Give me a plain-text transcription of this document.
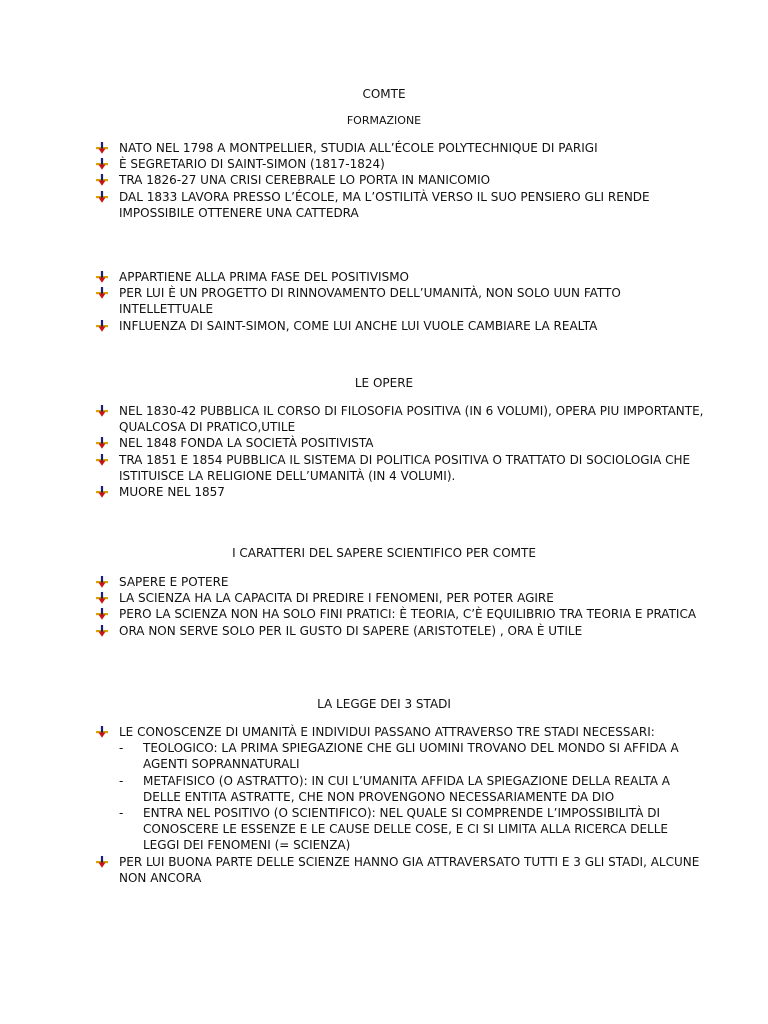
COMTE
FORMAZIONE
NATO NEL 1798 A MONTPELLIER, STUDIA ALL’ÉCOLE POLYTECHNIQUE DI PARIGI
È SEGRETARIO DI SAINT-SIMON (1817-1824)
TRA 1826-27 UNA CRISI CEREBRALE LO PORTA IN MANICOMIO
DAL 1833 LAVORA PRESSO L’ÉCOLE, MA L’OSTILITÀ VERSO IL SUO PENSIERO GLI RENDE IMPOSSIBILE OTTENERE UNA CATTEDRA
APPARTIENE ALLA PRIMA FASE DEL POSITIVISMO
PER LUI È UN PROGETTO DI RINNOVAMENTO DELL’UMANITÀ, NON SOLO UUN FATTO INTELLETTUALE
INFLUENZA DI SAINT-SIMON, COME LUI ANCHE LUI VUOLE CAMBIARE LA REALTA
LE OPERE
NEL 1830-42 PUBBLICA IL CORSO DI FILOSOFIA POSITIVA (IN 6 VOLUMI), OPERA PIU IMPORTANTE, QUALCOSA DI PRATICO,UTILE
NEL 1848 FONDA LA SOCIETÀ POSITIVISTA
TRA 1851 E 1854 PUBBLICA IL SISTEMA DI POLITICA POSITIVA O TRATTATO DI SOCIOLOGIA CHE ISTITUISCE LA RELIGIONE DELL’UMANITÀ (IN 4 VOLUMI).
MUORE NEL 1857
I CARATTERI DEL SAPERE SCIENTIFICO PER COMTE
SAPERE E POTERE
LA SCIENZA HA LA CAPACITA DI PREDIRE I FENOMENI, PER POTER AGIRE
PERO LA SCIENZA NON HA SOLO FINI PRATICI: È TEORIA, C’È EQUILIBRIO TRA TEORIA E PRATICA
ORA NON SERVE SOLO PER IL GUSTO DI SAPERE (ARISTOTELE) , ORA È UTILE
LA LEGGE DEI 3 STADI
LE CONOSCENZE DI UMANITÀ E INDIVIDUI PASSANO ATTRAVERSO TRE STADI NECESSARI:
- TEOLOGICO: LA PRIMA SPIEGAZIONE CHE GLI UOMINI TROVANO DEL MONDO SI AFFIDA A AGENTI SOPRANNATURALI
- METAFISICO (O ASTRATTO): IN CUI L’UMANITA AFFIDA LA SPIEGAZIONE DELLA REALTA A DELLE ENTITA ASTRATTE, CHE NON PROVENGONO NECESSARIAMENTE DA DIO
- ENTRA NEL POSITIVO (O SCIENTIFICO): NEL QUALE SI COMPRENDE L’IMPOSSIBILITÀ DI CONOSCERE LE ESSENZE E LE CAUSE DELLE COSE, E CI SI LIMITA ALLA RICERCA DELLE LEGGI DEI FENOMENI (= SCIENZA)
PER LUI BUONA PARTE DELLE SCIENZE HANNO GIA ATTRAVERSATO TUTTI E 3 GLI STADI, ALCUNE NON ANCORA
